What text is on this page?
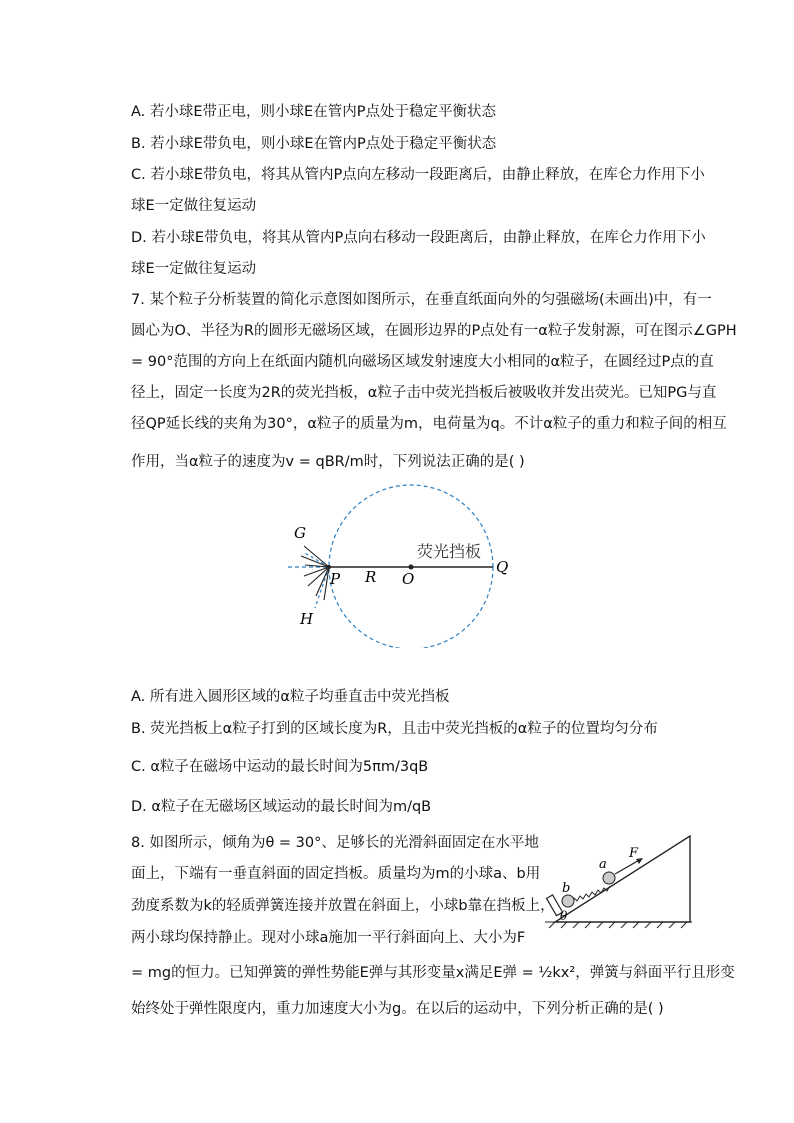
A. 若小球E带正电，则小球E在管内P点处于稳定平衡状态
B. 若小球E带负电，则小球E在管内P点处于稳定平衡状态
C. 若小球E带负电，将其从管内P点向左移动一段距离后，由静止释放，在库仑力作用下小
球E一定做往复运动
D. 若小球E带负电，将其从管内P点向右移动一段距离后，由静止释放，在库仑力作用下小
球E一定做往复运动
7. 某个粒子分析装置的简化示意图如图所示，在垂直纸面向外的匀强磁场(未画出)中，有一
圆心为O、半径为R的圆形无磁场区域，在圆形边界的P点处有一α粒子发射源，可在图示∠GPH
= 90°范围的方向上在纸面内随机向磁场区域发射速度大小相同的α粒子，在圆经过P点的直
径上，固定一长度为2R的荧光挡板，α粒子击中荧光挡板后被吸收并发出荧光。已知PG与直
径QP延长线的夹角为30°，α粒子的质量为m，电荷量为q。不计α粒子的重力和粒子间的相互
作用，当α粒子的速度为v = qBR/m时，下列说法正确的是( )
G
H
P R O
Q
荧光挡板
A. 所有进入圆形区域的α粒子均垂直击中荧光挡板
B. 荧光挡板上α粒子打到的区域长度为R，且击中荧光挡板的α粒子的位置均匀分布
C. α粒子在磁场中运动的最长时间为5πm/3qB
D. α粒子在无磁场区域运动的最长时间为m/qB
8. 如图所示，倾角为θ = 30°、足够长的光滑斜面固定在水平地
面上，下端有一垂直斜面的固定挡板。质量均为m的小球a、b用
劲度系数为k的轻质弹簧连接并放置在斜面上，小球b靠在挡板上，
两小球均保持静止。现对小球a施加一平行斜面向上、大小为F
= mg的恒力。已知弹簧的弹性势能E弹与其形变量x满足E弹 = ½kx²，弹簧与斜面平行且形变
始终处于弹性限度内，重力加速度大小为g。在以后的运动中，下列分析正确的是( )
b
a
F
θ
